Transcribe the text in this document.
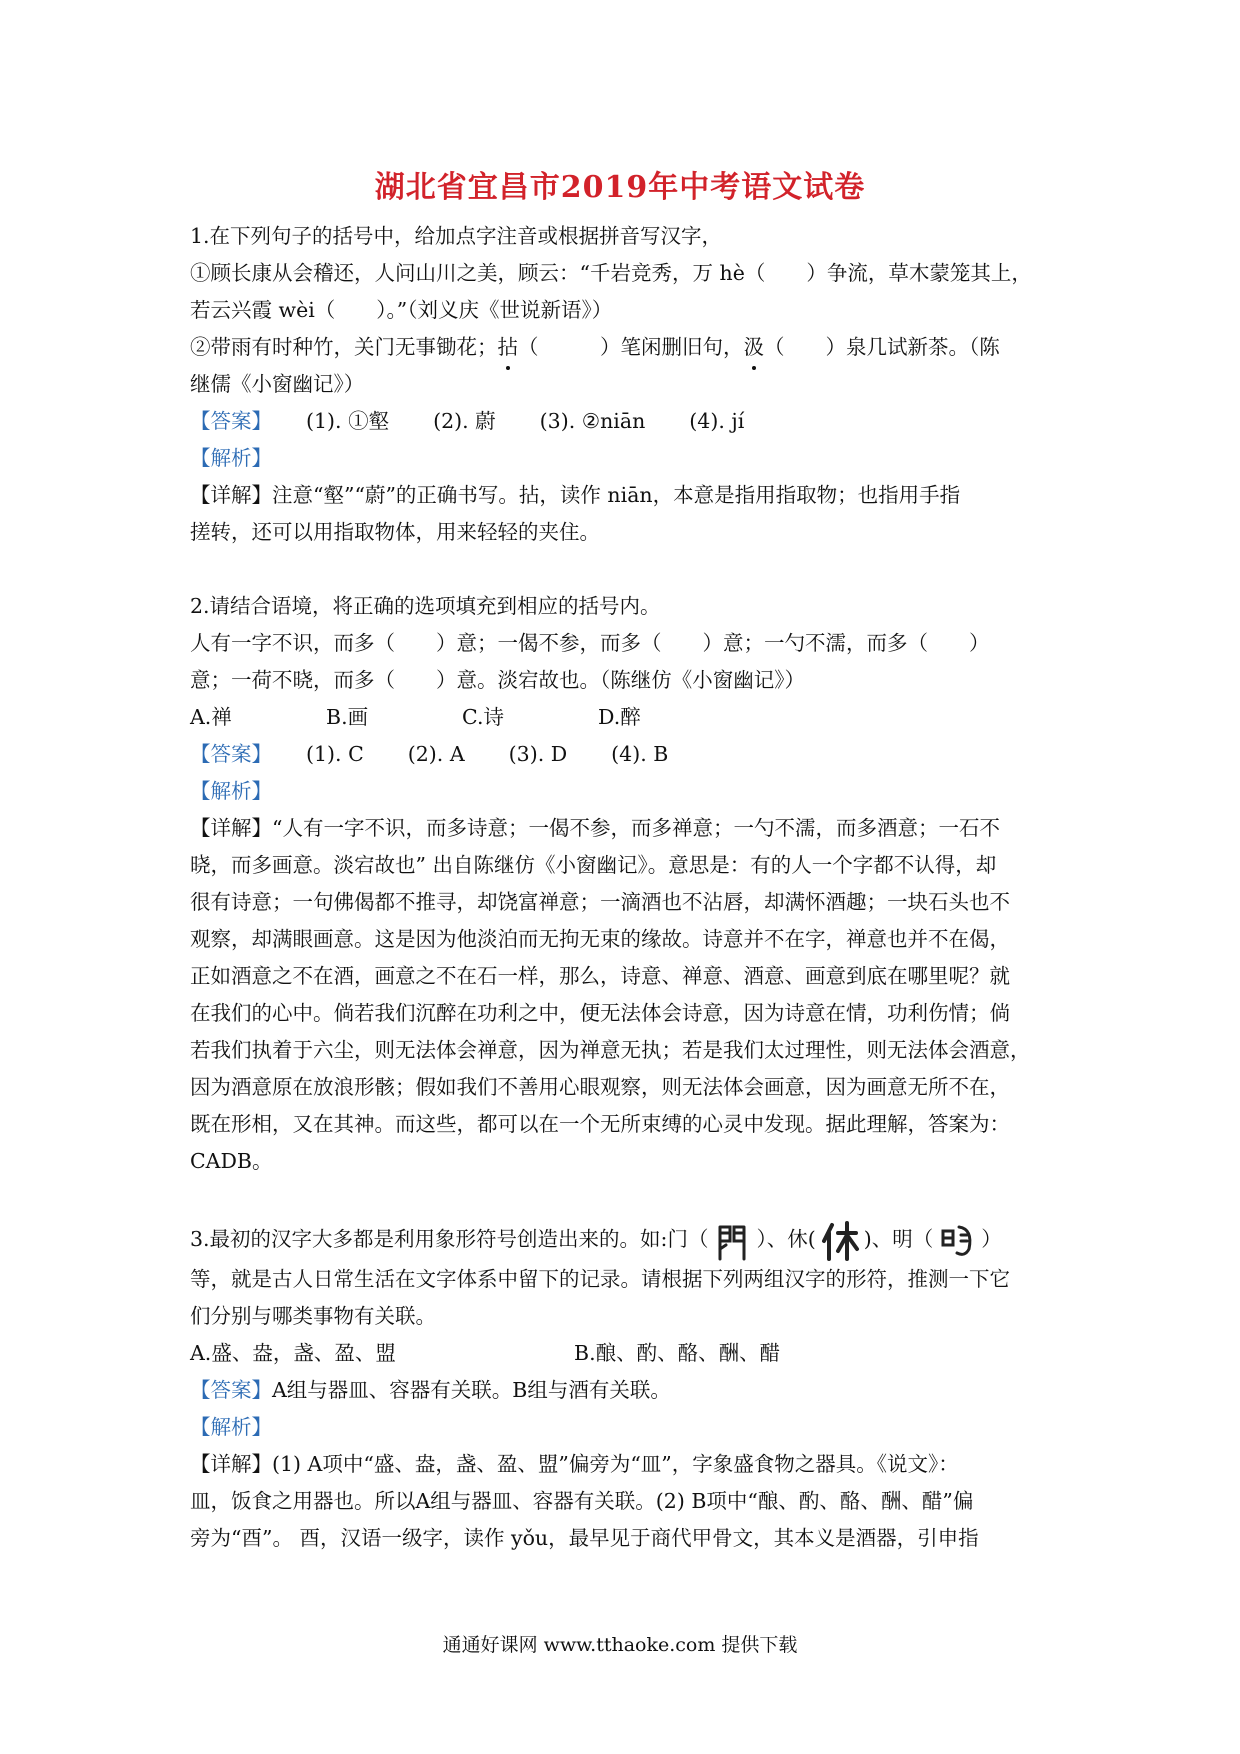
湖北省宜昌市2019年中考语文试卷
1.在下列句子的括号中，给加点字注音或根据拼音写汉字，
①顾长康从会稽还，人问山川之美，顾云：“千岩竞秀，万 hè（　　）争流，草木蒙笼其上，
若云兴霞 wèi（　　）。”（刘义庆《世说新语》）
②带雨有时种竹，关门无事锄花；拈（　　　）笔闲删旧句，汲（　　）泉几试新茶。（陈
继儒《小窗幽记》）
【答案】 (1). ①壑 (2). 蔚 (3). ②niān (4). jí
【解析】
【详解】注意“壑”“蔚”的正确书写。拈，读作 niān，本意是指用指取物；也指用手指
搓转，还可以用指取物体，用来轻轻的夹住。
2.请结合语境，将正确的选项填充到相应的括号内。
人有一字不识，而多（　　）意；一偈不参，而多（　　）意；一勺不濡，而多（　　）
意；一荷不晓，而多（　　）意。淡宕故也。（陈继仿《小窗幽记》）
A.禅	B.画	C.诗	D.醉
【答案】 (1). C (2). A (3). D (4). B
【解析】
【详解】“人有一字不识，而多诗意；一偈不参，而多禅意；一勺不濡，而多酒意；一石不
晓，而多画意。淡宕故也” 出自陈继仿《小窗幽记》。意思是：有的人一个字都不认得，却
很有诗意；一句佛偈都不推寻，却饶富禅意；一滴酒也不沾唇，却满怀酒趣；一块石头也不
观察，却满眼画意。这是因为他淡泊而无拘无束的缘故。诗意并不在字，禅意也并不在偈，
正如酒意之不在酒，画意之不在石一样，那么，诗意、禅意、酒意、画意到底在哪里呢？就
在我们的心中。倘若我们沉醉在功利之中，便无法体会诗意，因为诗意在情，功利伤情；倘
若我们执着于六尘，则无法体会禅意，因为禅意无执；若是我们太过理性，则无法体会酒意，
因为酒意原在放浪形骸；假如我们不善用心眼观察，则无法体会画意，因为画意无所不在，
既在形相，又在其神。而这些，都可以在一个无所束缚的心灵中发现。据此理解，答案为：
CADB。
3.最初的汉字大多都是利用象形符号创造出来的。如:门（ ）、休( )、明（ ）
等，就是古人日常生活在文字体系中留下的记录。请根据下列两组汉字的形符，推测一下它
们分别与哪类事物有关联。
A.盛、盎，盏、盈、盟	B.酿、酌、酪、酬、醋
【答案】A组与器皿、容器有关联。B组与酒有关联。
【解析】
【详解】(1) A项中“盛、盎，盏、盈、盟”偏旁为“皿”，字象盛食物之器具。《说文》：
皿，饭食之用器也。所以A组与器皿、容器有关联。(2) B项中“酿、酌、酪、酬、醋”偏
旁为“酉”。 酉，汉语一级字，读作 yǒu，最早见于商代甲骨文，其本义是酒器，引申指
通通好课网 www.tthaoke.com 提供下载
